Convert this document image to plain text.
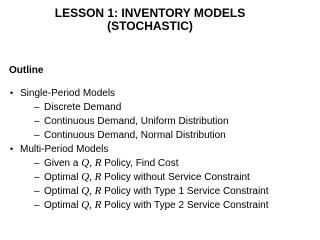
LESSON 1: INVENTORY MODELS
(STOCHASTIC)
Outline
• Single-Period Models
– Discrete Demand
– Continuous Demand, Uniform Distribution
– Continuous Demand, Normal Distribution
• Multi-Period Models
– Given a Q, R Policy, Find Cost
– Optimal Q, R Policy without Service Constraint
– Optimal Q, R Policy with Type 1 Service Constraint
– Optimal Q, R Policy with Type 2 Service Constraint
